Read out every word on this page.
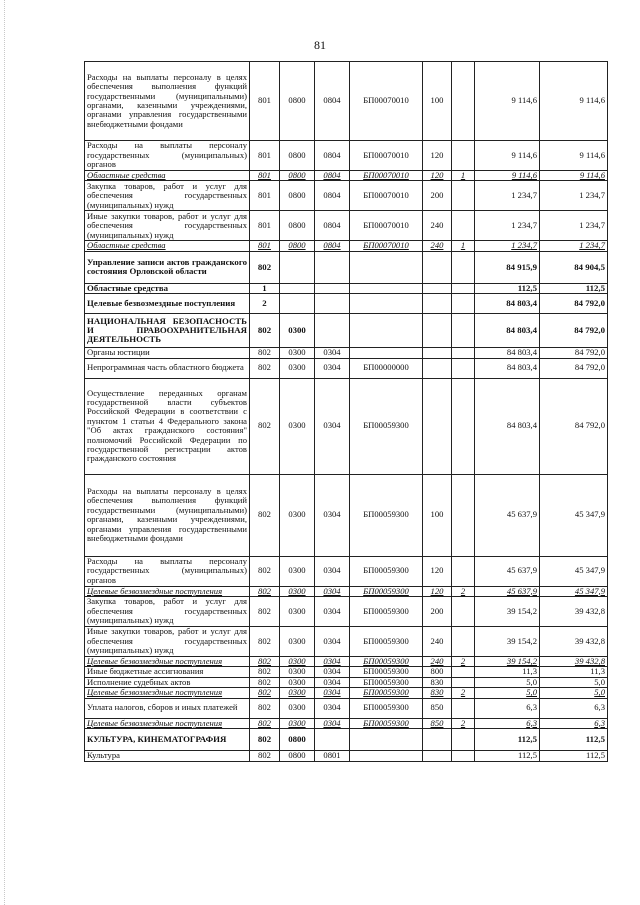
81
Расходы на выплаты персоналу в целях обеспечения выполнения функций государственными (муниципальными) органами, казенными учреждениями, органами управления государственными внебюджетными фондами	801	0800	0804	БП00070010	100		9 114,6	9 114,6
Расходы на выплаты персоналу государственных (муниципальных) органов	801	0800	0804	БП00070010	120		9 114,6	9 114,6
Областные средства	801	0800	0804	БП00070010	120	1	9 114,6	9 114,6
Закупка товаров, работ и услуг для обеспечения государственных (муниципальных) нужд	801	0800	0804	БП00070010	200		1 234,7	1 234,7
Иные закупки товаров, работ и услуг для обеспечения государственных (муниципальных) нужд	801	0800	0804	БП00070010	240		1 234,7	1 234,7
Областные средства	801	0800	0804	БП00070010	240	1	1 234,7	1 234,7
Управление записи актов гражданского состояния Орловской области	802						84 915,9	84 904,5
Областные средства	1						112,5	112,5
Целевые безвозмездные поступления	2						84 803,4	84 792,0
НАЦИОНАЛЬНАЯ БЕЗОПАСНОСТЬ И ПРАВООХРАНИТЕЛЬНАЯ ДЕЯТЕЛЬНОСТЬ	802	0300					84 803,4	84 792,0
Органы юстиции	802	0300	0304				84 803,4	84 792,0
Непрограммная часть областного бюджета	802	0300	0304	БП00000000			84 803,4	84 792,0
Осуществление переданных органам государственной власти субъектов Российской Федерации в соответствии с пунктом 1 статьи 4 Федерального закона "Об актах гражданского состояния" полномочий Российской Федерации по государственной регистрации актов гражданского состояния	802	0300	0304	БП00059300			84 803,4	84 792,0
Расходы на выплаты персоналу в целях обеспечения выполнения функций государственными (муниципальными) органами, казенными учреждениями, органами управления государственными внебюджетными фондами	802	0300	0304	БП00059300	100		45 637,9	45 347,9
Расходы на выплаты персоналу государственных (муниципальных) органов	802	0300	0304	БП00059300	120		45 637,9	45 347,9
Целевые безвозмездные поступления	802	0300	0304	БП00059300	120	2	45 637,9	45 347,9
Закупка товаров, работ и услуг для обеспечения государственных (муниципальных) нужд	802	0300	0304	БП00059300	200		39 154,2	39 432,8
Иные закупки товаров, работ и услуг для обеспечения государственных (муниципальных) нужд	802	0300	0304	БП00059300	240		39 154,2	39 432,8
Целевые безвозмездные поступления	802	0300	0304	БП00059300	240	2	39 154,2	39 432,8
Иные бюджетные ассигнования	802	0300	0304	БП00059300	800		11,3	11,3
Исполнение судебных актов	802	0300	0304	БП00059300	830		5,0	5,0
Целевые безвозмездные поступления	802	0300	0304	БП00059300	830	2	5,0	5,0
Уплата налогов, сборов и иных платежей	802	0300	0304	БП00059300	850		6,3	6,3
Целевые безвозмездные поступления	802	0300	0304	БП00059300	850	2	6,3	6,3
КУЛЬТУРА, КИНЕМАТОГРАФИЯ	802	0800					112,5	112,5
Культура	802	0800	0801				112,5	112,5
